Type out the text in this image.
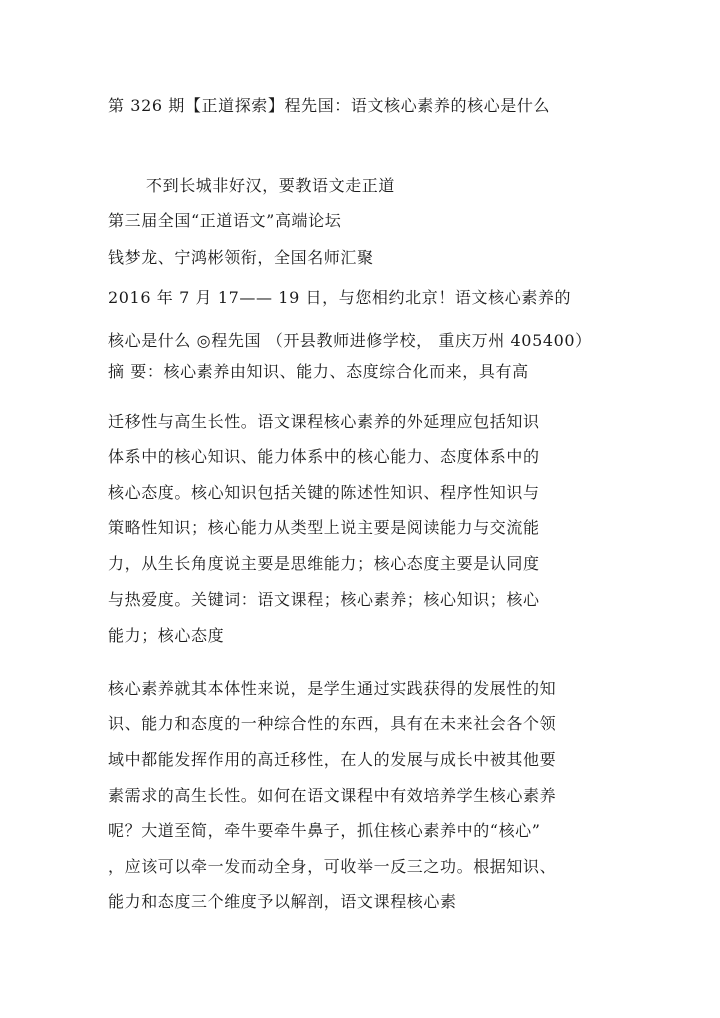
第 326 期【正道探索】程先国：语文核心素养的核心是什么
不到长城非好汉，要教语文走正道
第三届全国“正道语文”高端论坛
钱梦龙、宁鸿彬领衔，全国名师汇聚
2016 年 7 月 17—— 19 日，与您相约北京！语文核心素养的
核心是什么 ◎程先国 （开县教师进修学校， 重庆万州 405400）
摘 要：核心素养由知识、能力、态度综合化而来，具有高
迁移性与高生长性。语文课程核心素养的外延理应包括知识
体系中的核心知识、能力体系中的核心能力、态度体系中的
核心态度。核心知识包括关键的陈述性知识、程序性知识与
策略性知识；核心能力从类型上说主要是阅读能力与交流能
力，从生长角度说主要是思维能力；核心态度主要是认同度
与热爱度。关键词：语文课程；核心素养；核心知识；核心
能力；核心态度
核心素养就其本体性来说，是学生通过实践获得的发展性的知
识、能力和态度的一种综合性的东西，具有在未来社会各个领
域中都能发挥作用的高迁移性，在人的发展与成长中被其他要
素需求的高生长性。如何在语文课程中有效培养学生核心素养
呢？大道至简，牵牛要牵牛鼻子，抓住核心素养中的“核心”
，应该可以牵一发而动全身，可收举一反三之功。根据知识、
能力和态度三个维度予以解剖，语文课程核心素
